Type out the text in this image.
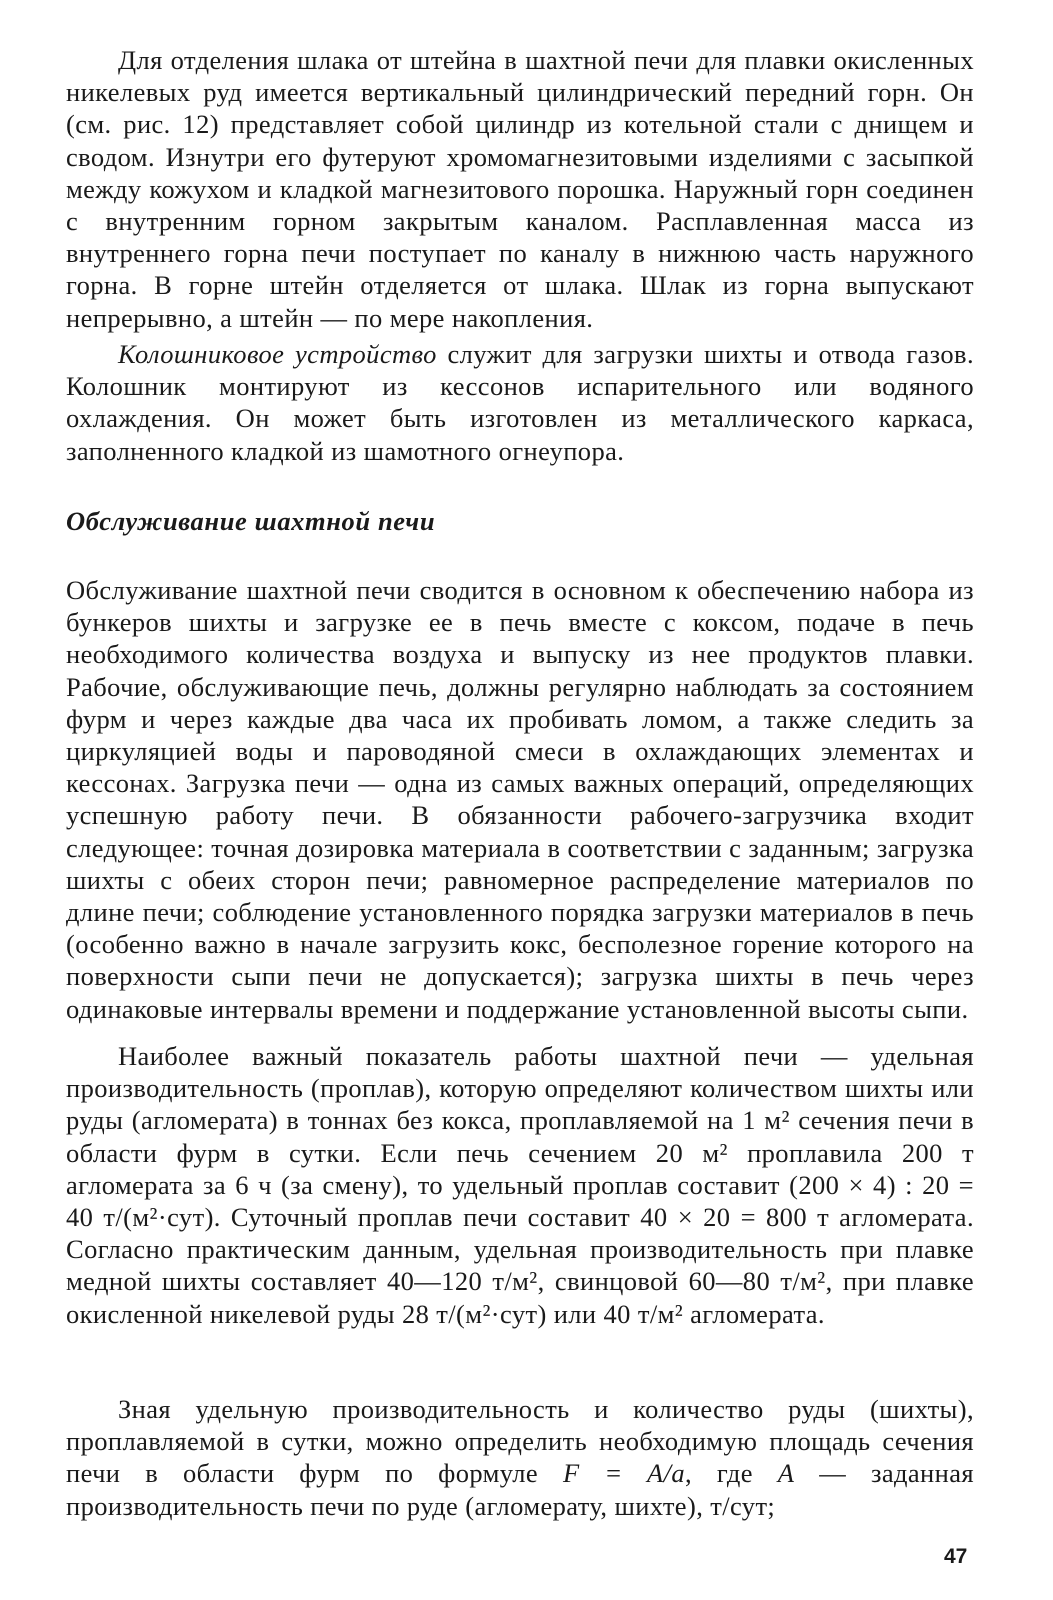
Для отделения шлака от штейна в шахтной печи для плавки окисленных никелевых руд имеется вертикальный цилиндрический передний горн. Он (см. рис. 12) представляет собой цилиндр из котельной стали с днищем и сводом. Изнутри его футеруют хромомагнезитовыми изделиями с засыпкой между кожухом и кладкой магнезитового порошка. Наружный горн соединен с внутренним горном закрытым каналом. Расплавленная масса из внутреннего горна печи поступает по каналу в нижнюю часть наружного горна. В горне штейн отделяется от шлака. Шлак из горна выпускают непрерывно, а штейн — по мере накопления.

Колошниковое устройство служит для загрузки шихты и отвода газов. Колошник монтируют из кессонов испарительного или водяного охлаждения. Он может быть изготовлен из металлического каркаса, заполненного кладкой из шамотного огнеупора.

Обслуживание шахтной печи

Обслуживание шахтной печи сводится в основном к обеспечению набора из бункеров шихты и загрузке ее в печь вместе с коксом, подаче в печь необходимого количества воздуха и выпуску из нее продуктов плавки. Рабочие, обслуживающие печь, должны регулярно наблюдать за состоянием фурм и через каждые два часа их пробивать ломом, а также следить за циркуляцией воды и пароводяной смеси в охлаждающих элементах и кессонах. Загрузка печи — одна из самых важных операций, определяющих успешную работу печи. В обязанности рабочего-загрузчика входит следующее: точная дозировка материала в соответствии с заданным; загрузка шихты с обеих сторон печи; равномерное распределение материалов по длине печи; соблюдение установленного порядка загрузки материалов в печь (особенно важно в начале загрузить кокс, бесполезное горение которого на поверхности сыпи печи не допускается); загрузка шихты в печь через одинаковые интервалы времени и поддержание установленной высоты сыпи.

Наиболее важный показатель работы шахтной печи — удельная производительность (проплав), которую определяют количеством шихты или руды (агломерата) в тоннах без кокса, проплавляемой на 1 м² сечения печи в области фурм в сутки. Если печь сечением 20 м² проплавила 200 т агломерата за 6 ч (за смену), то удельный проплав составит (200 × 4) : 20 = 40 т/(м²·сут). Суточный проплав печи составит 40 × 20 = 800 т агломерата. Согласно практическим данным, удельная производительность при плавке медной шихты составляет 40—120 т/м², свинцовой 60—80 т/м², при плавке окисленной никелевой руды 28 т/(м²·сут) или 40 т/м² агломерата.

Зная удельную производительность и количество руды (шихты), проплавляемой в сутки, можно определить необходимую площадь сечения печи в области фурм по формуле F = A/a, где A — заданная производительность печи по руде (агломерату, шихте), т/сут;

47
